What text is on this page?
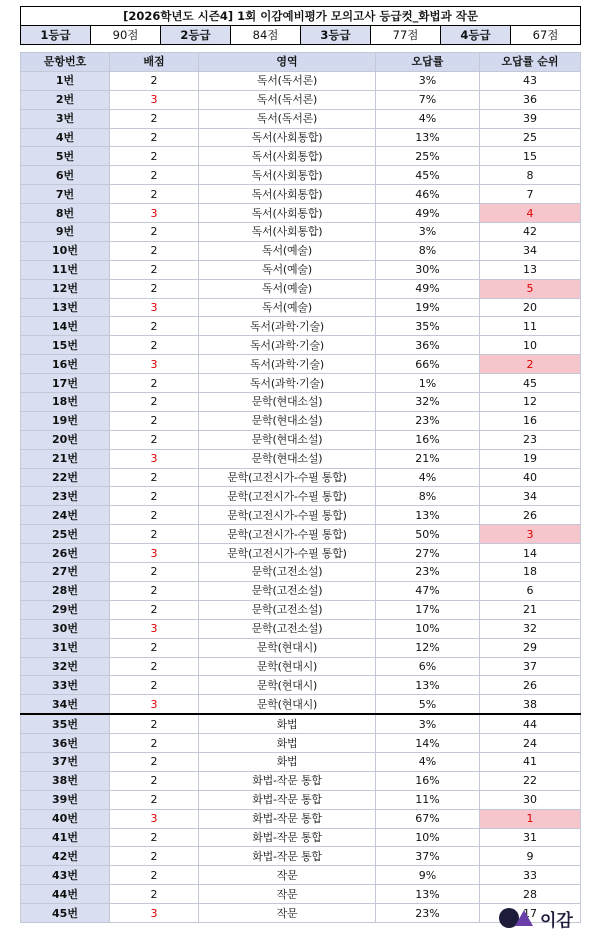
[2026학년도 시즌4] 1회 이감예비평가 모의고사 등급컷_화법과 작문
1등급	90점	2등급	84점	3등급	77점	4등급	67점
문항번호	배점	영역	오답률	오답률 순위
1번	2	독서(독서론)	3%	43
2번	3	독서(독서론)	7%	36
3번	2	독서(독서론)	4%	39
4번	2	독서(사회통합)	13%	25
5번	2	독서(사회통합)	25%	15
6번	2	독서(사회통합)	45%	8
7번	2	독서(사회통합)	46%	7
8번	3	독서(사회통합)	49%	4
9번	2	독서(사회통합)	3%	42
10번	2	독서(예술)	8%	34
11번	2	독서(예술)	30%	13
12번	2	독서(예술)	49%	5
13번	3	독서(예술)	19%	20
14번	2	독서(과학·기술)	35%	11
15번	2	독서(과학·기술)	36%	10
16번	3	독서(과학·기술)	66%	2
17번	2	독서(과학·기술)	1%	45
18번	2	문학(현대소설)	32%	12
19번	2	문학(현대소설)	23%	16
20번	2	문학(현대소설)	16%	23
21번	3	문학(현대소설)	21%	19
22번	2	문학(고전시가-수필 통합)	4%	40
23번	2	문학(고전시가-수필 통합)	8%	34
24번	2	문학(고전시가-수필 통합)	13%	26
25번	2	문학(고전시가-수필 통합)	50%	3
26번	3	문학(고전시가-수필 통합)	27%	14
27번	2	문학(고전소설)	23%	18
28번	2	문학(고전소설)	47%	6
29번	2	문학(고전소설)	17%	21
30번	3	문학(고전소설)	10%	32
31번	2	문학(현대시)	12%	29
32번	2	문학(현대시)	6%	37
33번	2	문학(현대시)	13%	26
34번	3	문학(현대시)	5%	38
35번	2	화법	3%	44
36번	2	화법	14%	24
37번	2	화법	4%	41
38번	2	화법-작문 통합	16%	22
39번	2	화법-작문 통합	11%	30
40번	3	화법-작문 통합	67%	1
41번	2	화법-작문 통합	10%	31
42번	2	화법-작문 통합	37%	9
43번	2	작문	9%	33
44번	2	작문	13%	28
45번	3	작문	23%	17 이감
